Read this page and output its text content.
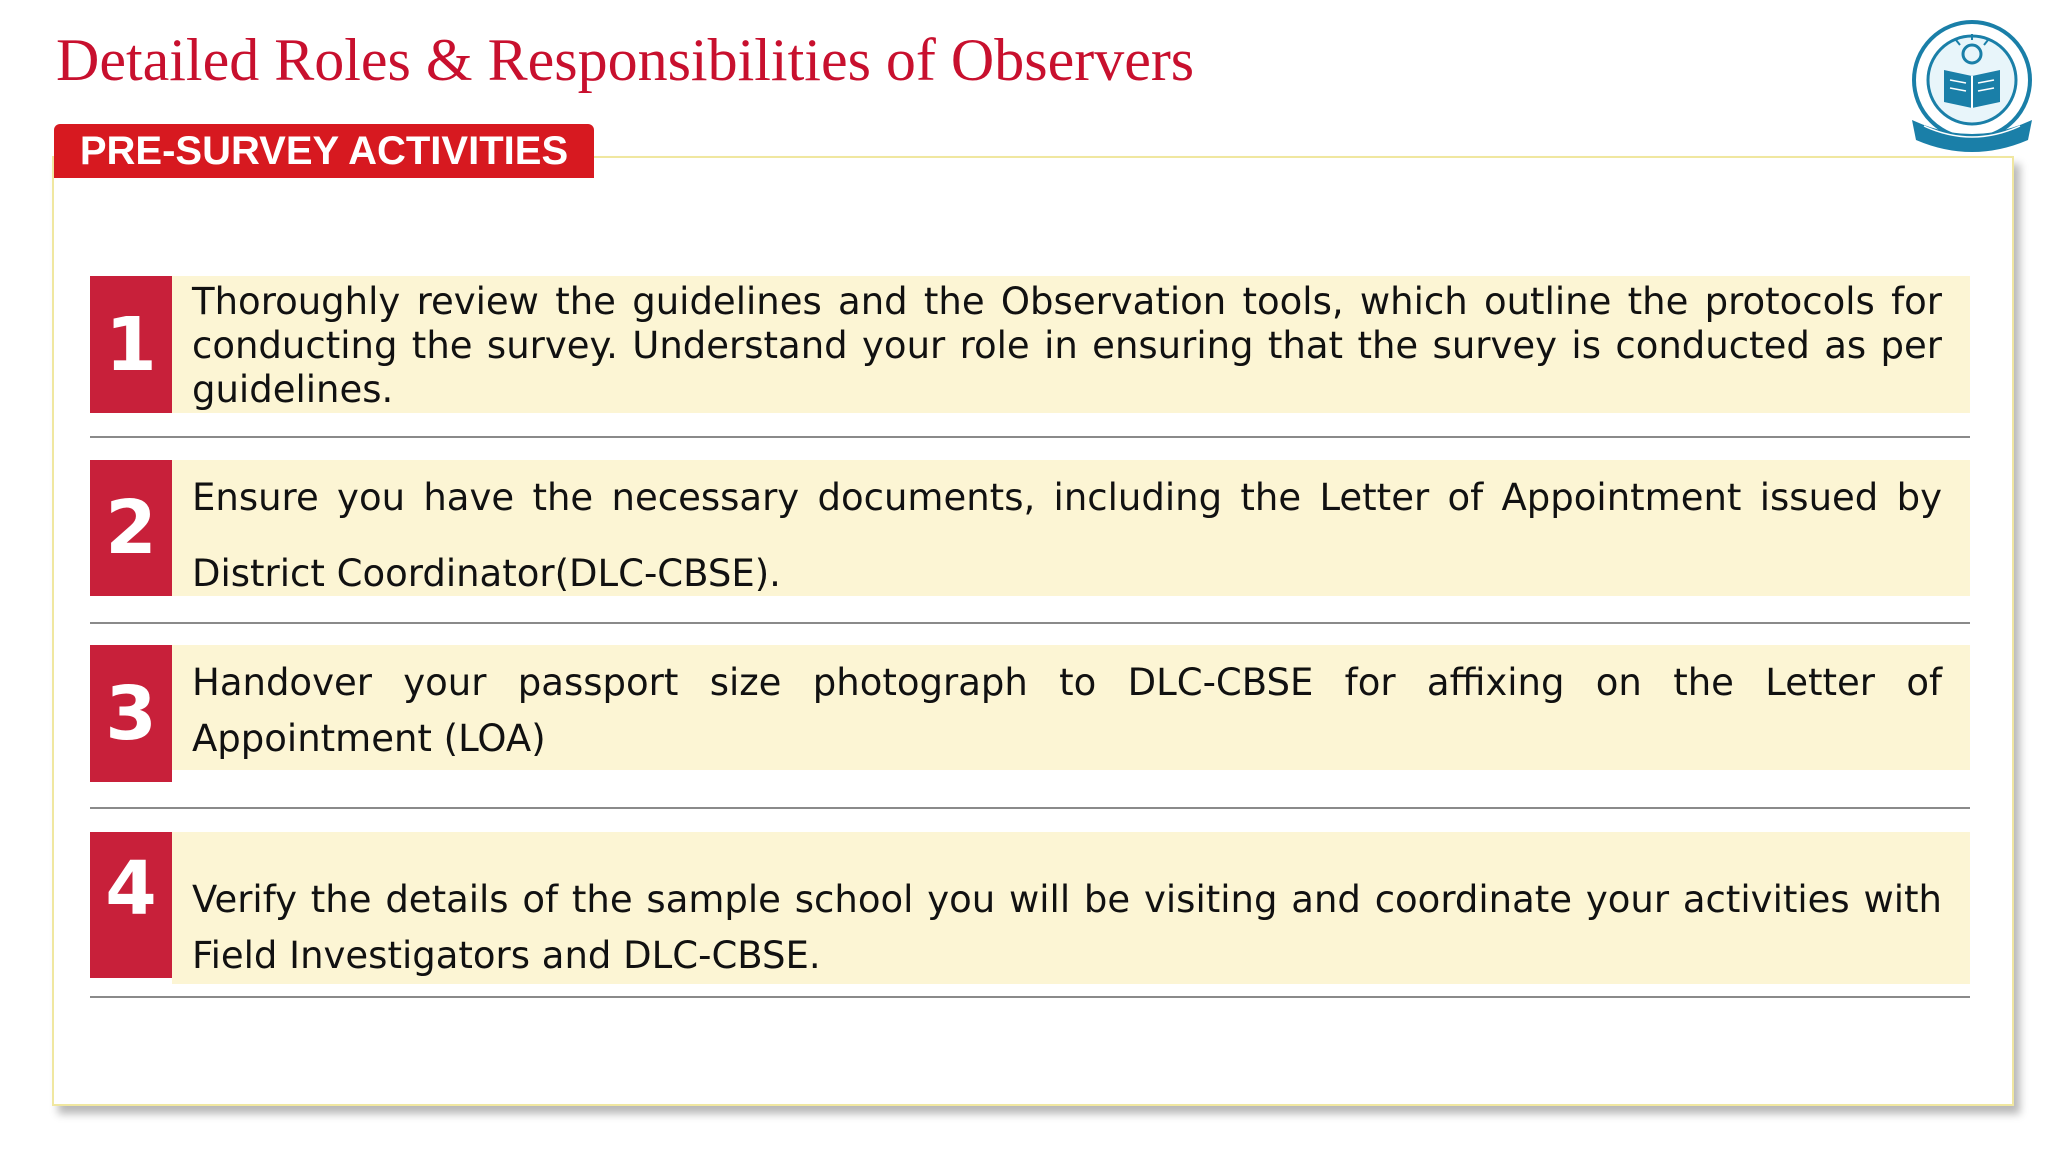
Detailed Roles & Responsibilities of Observers
PRE-SURVEY ACTIVITIES
1 Thoroughly review the guidelines and the Observation tools, which outline the protocols for conducting the survey. Understand your role in ensuring that the survey is conducted as per guidelines.
2 Ensure you have the necessary documents, including the Letter of Appointment issued by District Coordinator(DLC-CBSE).
3 Handover your passport size photograph to DLC-CBSE for affixing on the Letter of Appointment (LOA)
4 Verify the details of the sample school you will be visiting and coordinate your activities with Field Investigators and DLC-CBSE.
